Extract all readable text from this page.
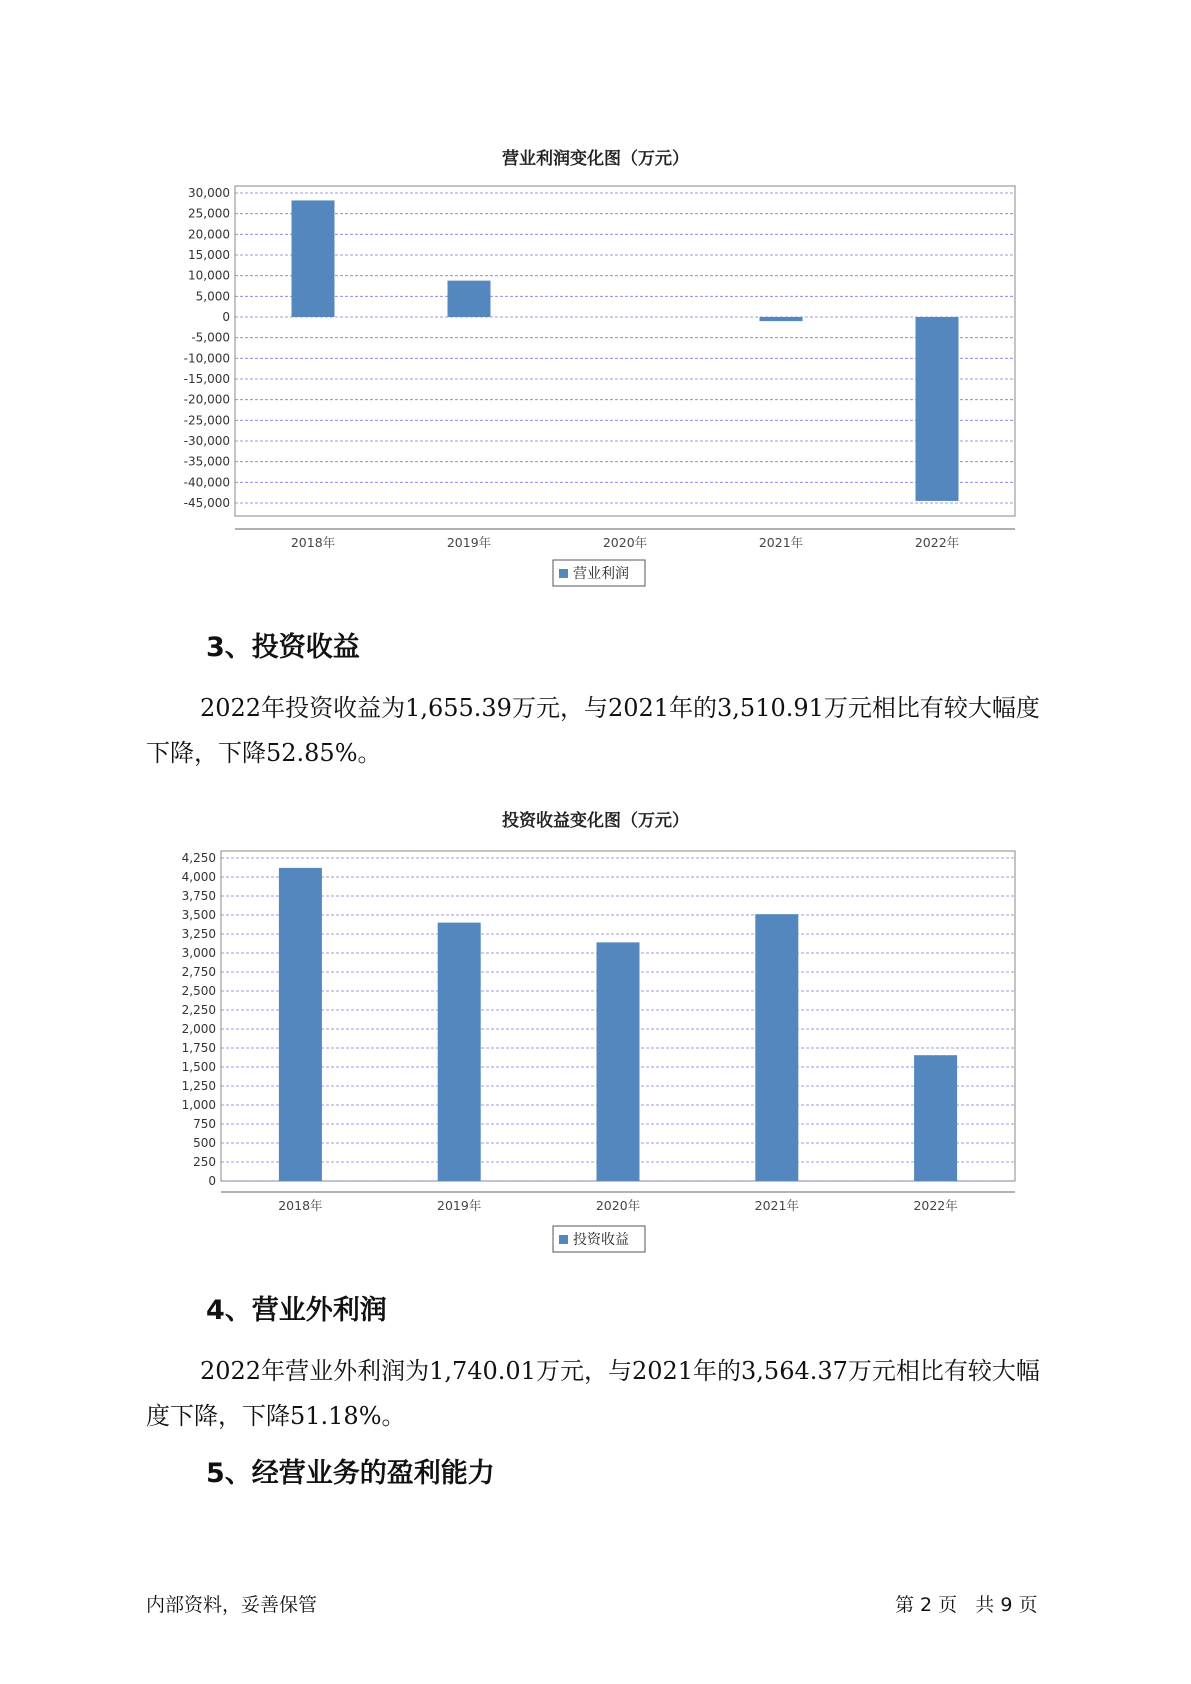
营业利润变化图（万元）
30,000
25,000
20,000
15,000
10,000
5,000
0
-5,000
-10,000
-15,000
-20,000
-25,000
-30,000
-35,000
-40,000
-45,000
2018年	2019年	2020年	2021年	2022年
营业利润
3、投资收益

2022年投资收益为1,655.39万元，与2021年的3,510.91万元相比有较大幅度下降，下降52.85%。

投资收益变化图（万元）
4,250
4,000
3,750
3,500
3,250
3,000
2,750
2,500
2,250
2,000
1,750
1,500
1,250
1,000
750
500
250
0
2018年	2019年	2020年	2021年	2022年
投资收益
4、营业外利润

2022年营业外利润为1,740.01万元，与2021年的3,564.37万元相比有较大幅度下降，下降51.18%。

5、经营业务的盈利能力
内部资料，妥善保管	第 2 页   共 9 页
